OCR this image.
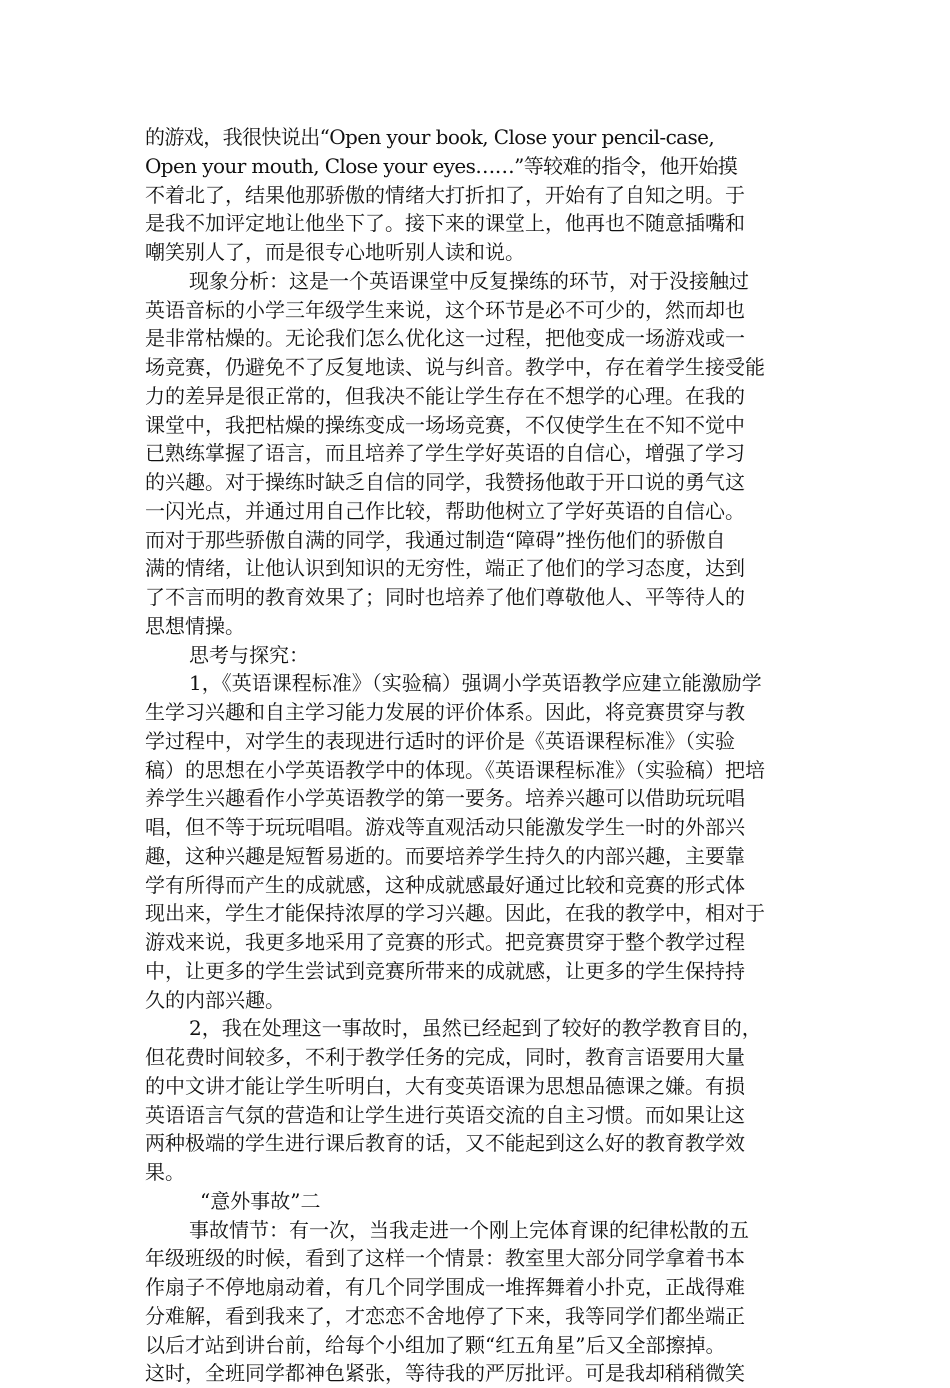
的游戏，我很快说出“Open your book, Close your pencil-case,
Open your mouth, Close your eyes……”等较难的指令，他开始摸
不着北了，结果他那骄傲的情绪大打折扣了，开始有了自知之明。于
是我不加评定地让他坐下了。接下来的课堂上，他再也不随意插嘴和
嘲笑别人了，而是很专心地听别人读和说。
现象分析：这是一个英语课堂中反复操练的环节，对于没接触过
英语音标的小学三年级学生来说，这个环节是必不可少的，然而却也
是非常枯燥的。无论我们怎么优化这一过程，把他变成一场游戏或一
场竞赛，仍避免不了反复地读、说与纠音。教学中，存在着学生接受能
力的差异是很正常的，但我决不能让学生存在不想学的心理。在我的
课堂中，我把枯燥的操练变成一场场竞赛，不仅使学生在不知不觉中
已熟练掌握了语言，而且培养了学生学好英语的自信心，增强了学习
的兴趣。对于操练时缺乏自信的同学，我赞扬他敢于开口说的勇气这
一闪光点，并通过用自己作比较，帮助他树立了学好英语的自信心。
而对于那些骄傲自满的同学，我通过制造“障碍”挫伤他们的骄傲自
满的情绪，让他认识到知识的无穷性，端正了他们的学习态度，达到
了不言而明的教育效果了；同时也培养了他们尊敬他人、平等待人的
思想情操。
思考与探究：
1，《英语课程标准》（实验稿）强调小学英语教学应建立能激励学
生学习兴趣和自主学习能力发展的评价体系。因此，将竞赛贯穿与教
学过程中，对学生的表现进行适时的评价是《英语课程标准》（实验
稿）的思想在小学英语教学中的体现。《英语课程标准》（实验稿）把培
养学生兴趣看作小学英语教学的第一要务。培养兴趣可以借助玩玩唱
唱，但不等于玩玩唱唱。游戏等直观活动只能激发学生一时的外部兴
趣，这种兴趣是短暂易逝的。而要培养学生持久的内部兴趣，主要靠
学有所得而产生的成就感，这种成就感最好通过比较和竞赛的形式体
现出来，学生才能保持浓厚的学习兴趣。因此，在我的教学中，相对于
游戏来说，我更多地采用了竞赛的形式。把竞赛贯穿于整个教学过程
中，让更多的学生尝试到竞赛所带来的成就感，让更多的学生保持持
久的内部兴趣。
2，我在处理这一事故时，虽然已经起到了较好的教学教育目的，
但花费时间较多，不利于教学任务的完成，同时，教育言语要用大量
的中文讲才能让学生听明白，大有变英语课为思想品德课之嫌。有损
英语语言气氛的营造和让学生进行英语交流的自主习惯。而如果让这
两种极端的学生进行课后教育的话，又不能起到这么好的教育教学效
果。
“意外事故”二
事故情节：有一次，当我走进一个刚上完体育课的纪律松散的五
年级班级的时候，看到了这样一个情景：教室里大部分同学拿着书本
作扇子不停地扇动着，有几个同学围成一堆挥舞着小扑克，正战得难
分难解，看到我来了，才恋恋不舍地停了下来，我等同学们都坐端正
以后才站到讲台前，给每个小组加了颗“红五角星”后又全部擦掉。
这时，全班同学都神色紧张，等待我的严厉批评。可是我却稍稍微笑
